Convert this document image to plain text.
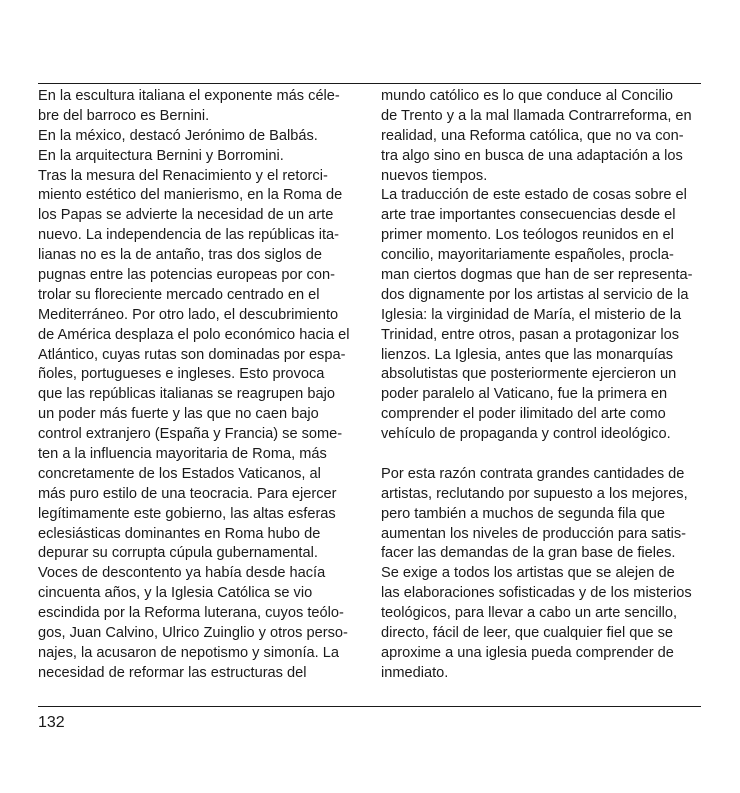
En la escultura italiana el exponente más céle-
bre del barroco es Bernini.
En la méxico, destacó Jerónimo de Balbás.
En la arquitectura Bernini y Borromini.
Tras la mesura del Renacimiento y el retorci-
miento estético del manierismo, en la Roma de
los Papas se advierte la necesidad de un arte
nuevo. La independencia de las repúblicas ita-
lianas no es la de antaño, tras dos siglos de
pugnas entre las potencias europeas por con-
trolar su floreciente mercado centrado en el
Mediterráneo. Por otro lado, el descubrimiento
de América desplaza el polo económico hacia el
Atlántico, cuyas rutas son dominadas por espa-
ñoles, portugueses e ingleses. Esto provoca
que las repúblicas italianas se reagrupen bajo
un poder más fuerte y las que no caen bajo
control extranjero (España y Francia) se some-
ten a la influencia mayoritaria de Roma, más
concretamente de los Estados Vaticanos, al
más puro estilo de una teocracia. Para ejercer
legítimamente este gobierno, las altas esferas
eclesiásticas dominantes en Roma hubo de
depurar su corrupta cúpula gubernamental.
Voces de descontento ya había desde hacía
cincuenta años, y la Iglesia Católica se vio
escindida por la Reforma luterana, cuyos teólo-
gos, Juan Calvino, Ulrico Zuinglio y otros perso-
najes, la acusaron de nepotismo y simonía. La
necesidad de reformar las estructuras del
mundo católico es lo que conduce al Concilio
de Trento y a la mal llamada Contrarreforma, en
realidad, una Reforma católica, que no va con-
tra algo sino en busca de una adaptación a los
nuevos tiempos.
La traducción de este estado de cosas sobre el
arte trae importantes consecuencias desde el
primer momento. Los teólogos reunidos en el
concilio, mayoritariamente españoles, procla-
man ciertos dogmas que han de ser representa-
dos dignamente por los artistas al servicio de la
Iglesia: la virginidad de María, el misterio de la
Trinidad, entre otros, pasan a protagonizar los
lienzos. La Iglesia, antes que las monarquías
absolutistas que posteriormente ejercieron un
poder paralelo al Vaticano, fue la primera en
comprender el poder ilimitado del arte como
vehículo de propaganda y control ideológico.
Por esta razón contrata grandes cantidades de
artistas, reclutando por supuesto a los mejores,
pero también a muchos de segunda fila que
aumentan los niveles de producción para satis-
facer las demandas de la gran base de fieles.
Se exige a todos los artistas que se alejen de
las elaboraciones sofisticadas y de los misterios
teológicos, para llevar a cabo un arte sencillo,
directo, fácil de leer, que cualquier fiel que se
aproxime a una iglesia pueda comprender de
inmediato.
132
